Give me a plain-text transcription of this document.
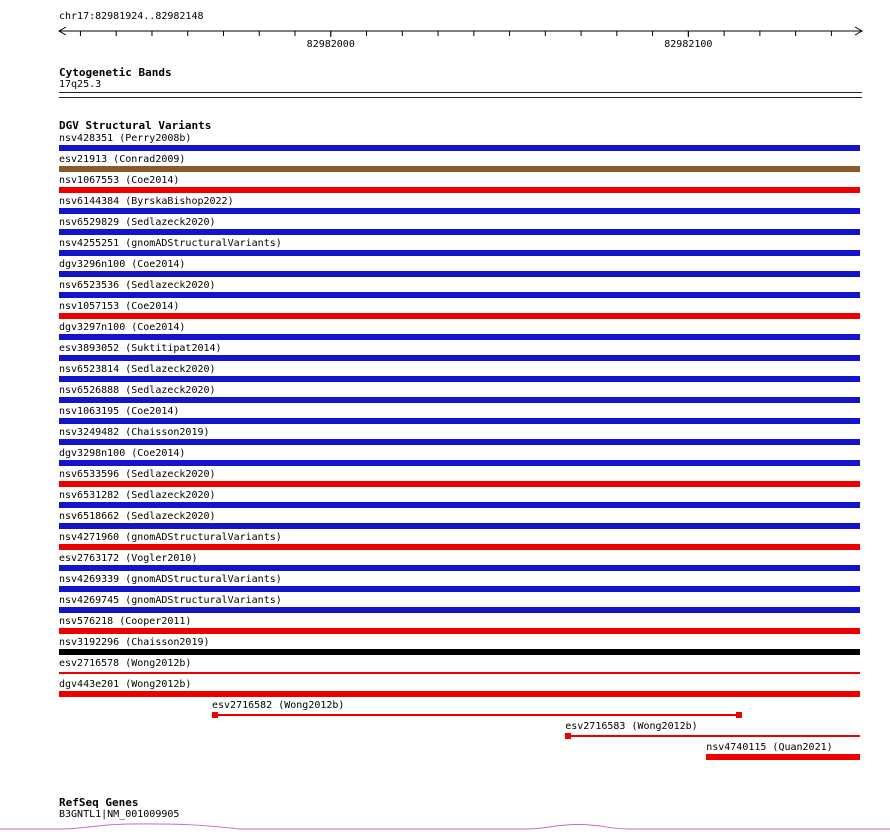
chr17:82981924..82982148
82982000	82982100
Cytogenetic Bands
17q25.3
DGV Structural Variants
nsv428351 (Perry2008b)
esv21913 (Conrad2009)
nsv1067553 (Coe2014)
nsv6144384 (ByrskaBishop2022)
nsv6529829 (Sedlazeck2020)
nsv4255251 (gnomADStructuralVariants)
dgv3296n100 (Coe2014)
nsv6523536 (Sedlazeck2020)
nsv1057153 (Coe2014)
dgv3297n100 (Coe2014)
esv3893052 (Suktitipat2014)
nsv6523814 (Sedlazeck2020)
nsv6526888 (Sedlazeck2020)
nsv1063195 (Coe2014)
nsv3249482 (Chaisson2019)
dgv3298n100 (Coe2014)
nsv6533596 (Sedlazeck2020)
nsv6531282 (Sedlazeck2020)
nsv6518662 (Sedlazeck2020)
nsv4271960 (gnomADStructuralVariants)
esv2763172 (Vogler2010)
nsv4269339 (gnomADStructuralVariants)
nsv4269745 (gnomADStructuralVariants)
nsv576218 (Cooper2011)
nsv3192296 (Chaisson2019)
esv2716578 (Wong2012b)
dgv443e201 (Wong2012b)
esv2716582 (Wong2012b)
esv2716583 (Wong2012b)
nsv4740115 (Quan2021)
RefSeq Genes
B3GNTL1|NM_001009905
